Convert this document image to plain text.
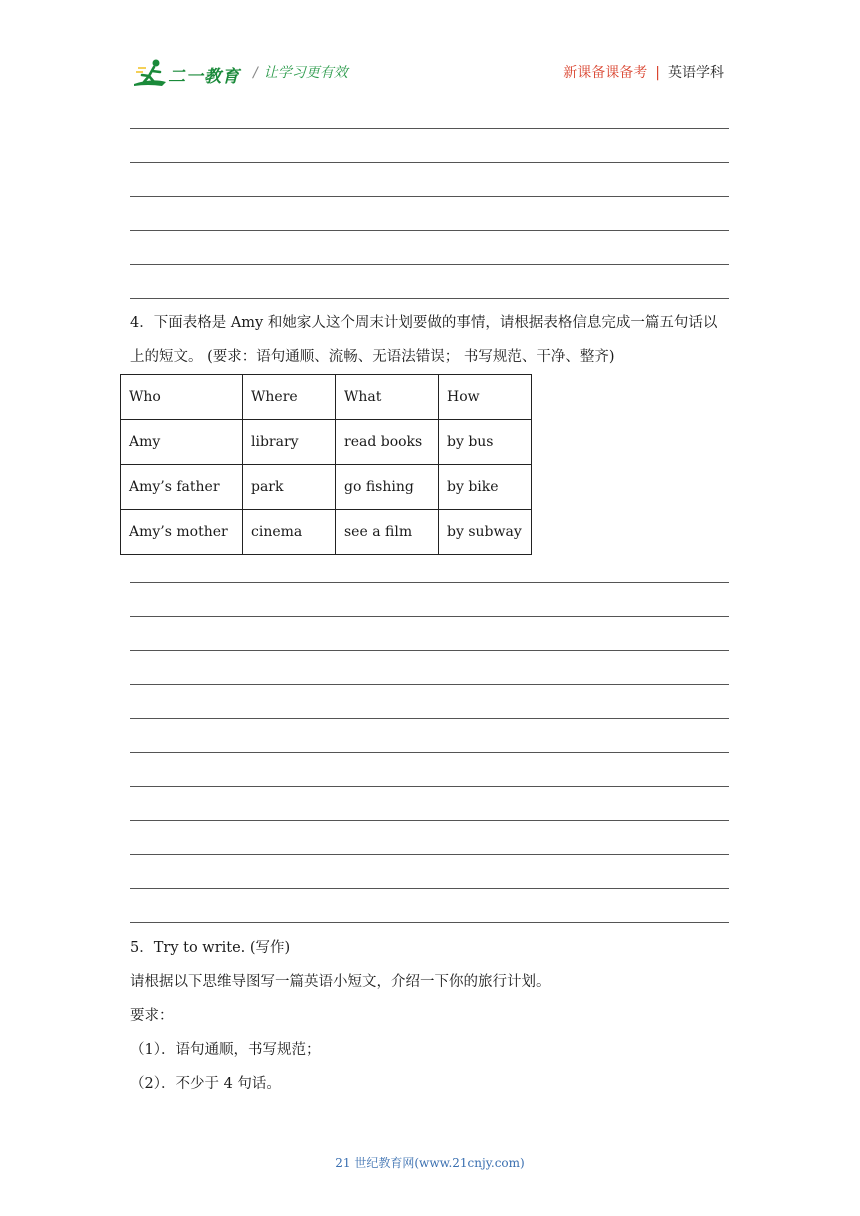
二一教育 / 让学习更有效	新课备课备考 | 英语学科
4．下面表格是 Amy 和她家人这个周末计划要做的事情，请根据表格信息完成一篇五句话以
上的短文。 (要求：语句通顺、流畅、无语法错误； 书写规范、干净、整齐)
Who	Where	What	How
Amy	library	read books	by bus
Amy’s father	park	go fishing	by bike
Amy’s mother	cinema	see a film	by subway
5．Try to write. (写作)
请根据以下思维导图写一篇英语小短文，介绍一下你的旅行计划。
要求：
（1）．语句通顺，书写规范；
（2）．不少于 4 句话。
21 世纪教育网(www.21cnjy.com)
